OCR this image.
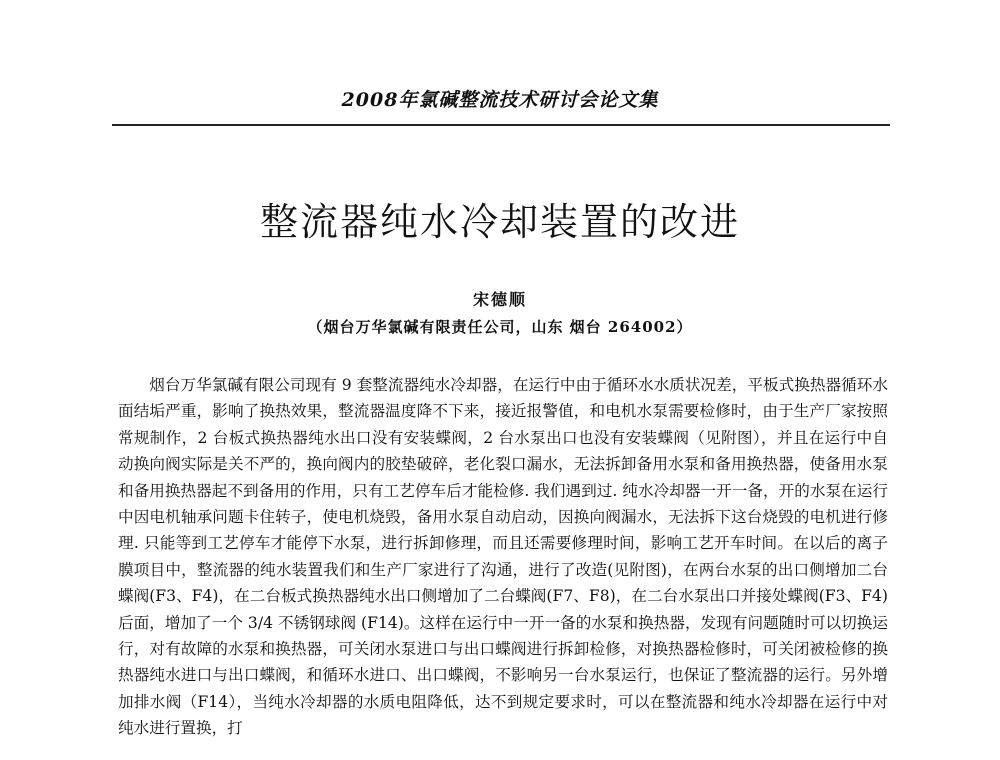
2008年氯碱整流技术研讨会论文集
整流器纯水冷却装置的改进
宋德顺
（烟台万华氯碱有限责任公司，山东 烟台 264002）

烟台万华氯碱有限公司现有 9 套整流器纯水冷却器，在运行中由于循环水水质状况差，平板式换热器循环水面结垢严重，影响了换热效果，整流器温度降不下来，接近报警值，和电机水泵需要检修时，由于生产厂家按照常规制作，2 台板式换热器纯水出口没有安装蝶阀，2 台水泵出口也没有安装蝶阀（见附图），并且在运行中自动换向阀实际是关不严的，换向阀内的胶垫破碎，老化裂口漏水，无法拆卸备用水泵和备用换热器，使备用水泵和备用换热器起不到备用的作用，只有工艺停车后才能检修. 我们遇到过. 纯水冷却器一开一备，开的水泵在运行中因电机轴承问题卡住转子，使电机烧毁，备用水泵自动启动，因换向阀漏水，无法拆下这台烧毁的电机进行修理. 只能等到工艺停车才能停下水泵，进行拆卸修理，而且还需要修理时间，影响工艺开车时间。在以后的离子膜项目中，整流器的纯水装置我们和生产厂家进行了沟通，进行了改造(见附图)，在两台水泵的出口侧增加二台蝶阀(F3、F4)，在二台板式换热器纯水出口侧增加了二台蝶阀(F7、F8)，在二台水泵出口并接处蝶阀(F3、F4)后面，增加了一个 3/4 不锈钢球阀 (F14)。这样在运行中一开一备的水泵和换热器，发现有问题随时可以切换运行，对有故障的水泵和换热器，可关闭水泵进口与出口蝶阀进行拆卸检修，对换热器检修时，可关闭被检修的换热器纯水进口与出口蝶阀，和循环水进口、出口蝶阀，不影响另一台水泵运行，也保证了整流器的运行。另外增加排水阀（F14），当纯水冷却器的水质电阻降低，达不到规定要求时，可以在整流器和纯水冷却器在运行中对纯水进行置换，打
